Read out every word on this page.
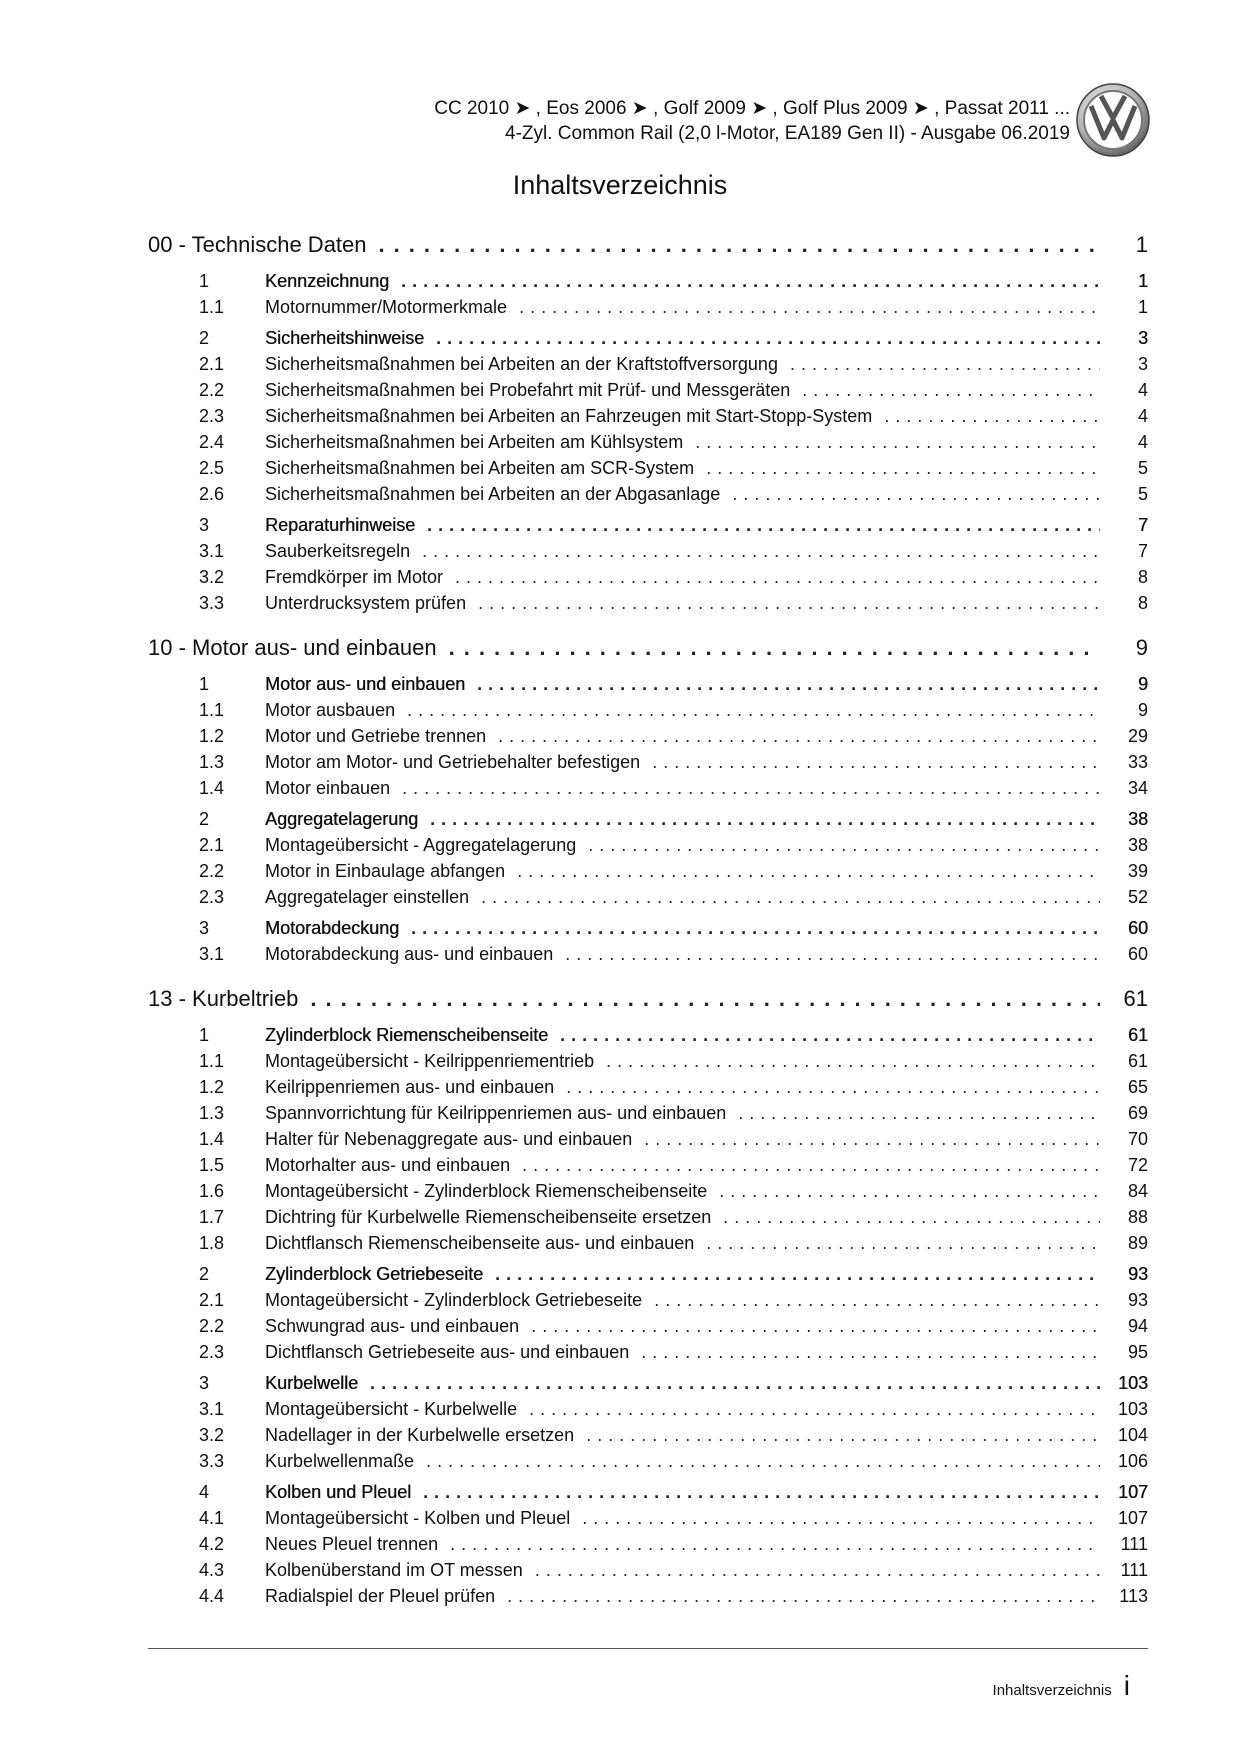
CC 2010 ➤ , Eos 2006 ➤ , Golf 2009 ➤ , Golf Plus 2009 ➤ , Passat 2011 ...
4-Zyl. Common Rail (2,0 l-Motor, EA189 Gen II) - Ausgabe 06.2019
Inhaltsverzeichnis
00 - Technische Daten .....	1
1	Kennzeichnung .....	1
1.1	Motornummer/Motormerkmale .....	1
2	Sicherheitshinweise .....	3
2.1	Sicherheitsmaßnahmen bei Arbeiten an der Kraftstoffversorgung .....	3
2.2	Sicherheitsmaßnahmen bei Probefahrt mit Prüf- und Messgeräten .....	4
2.3	Sicherheitsmaßnahmen bei Arbeiten an Fahrzeugen mit Start-Stopp-System .....	4
2.4	Sicherheitsmaßnahmen bei Arbeiten am Kühlsystem .....	4
2.5	Sicherheitsmaßnahmen bei Arbeiten am SCR-System .....	5
2.6	Sicherheitsmaßnahmen bei Arbeiten an der Abgasanlage .....	5
3	Reparaturhinweise .....	7
3.1	Sauberkeitsregeln .....	7
3.2	Fremdkörper im Motor .....	8
3.3	Unterdrucksystem prüfen .....	8
10 - Motor aus- und einbauen .....	9
1	Motor aus- und einbauen .....	9
1.1	Motor ausbauen .....	9
1.2	Motor und Getriebe trennen .....	29
1.3	Motor am Motor- und Getriebehalter befestigen .....	33
1.4	Motor einbauen .....	34
2	Aggregatelagerung .....	38
2.1	Montageübersicht - Aggregatelagerung .....	38
2.2	Motor in Einbaulage abfangen .....	39
2.3	Aggregatelager einstellen .....	52
3	Motorabdeckung .....	60
3.1	Motorabdeckung aus- und einbauen .....	60
13 - Kurbeltrieb .....	61
1	Zylinderblock Riemenscheibenseite .....	61
1.1	Montageübersicht - Keilrippenriementrieb .....	61
1.2	Keilrippenriemen aus- und einbauen .....	65
1.3	Spannvorrichtung für Keilrippenriemen aus- und einbauen .....	69
1.4	Halter für Nebenaggregate aus- und einbauen .....	70
1.5	Motorhalter aus- und einbauen .....	72
1.6	Montageübersicht - Zylinderblock Riemenscheibenseite .....	84
1.7	Dichtring für Kurbelwelle Riemenscheibenseite ersetzen .....	88
1.8	Dichtflansch Riemenscheibenseite aus- und einbauen .....	89
2	Zylinderblock Getriebeseite .....	93
2.1	Montageübersicht - Zylinderblock Getriebeseite .....	93
2.2	Schwungrad aus- und einbauen .....	94
2.3	Dichtflansch Getriebeseite aus- und einbauen .....	95
3	Kurbelwelle .....	103
3.1	Montageübersicht - Kurbelwelle .....	103
3.2	Nadellager in der Kurbelwelle ersetzen .....	104
3.3	Kurbelwellenmaße .....	106
4	Kolben und Pleuel .....	107
4.1	Montageübersicht - Kolben und Pleuel .....	107
4.2	Neues Pleuel trennen .....	111
4.3	Kolbenüberstand im OT messen .....	111
4.4	Radialspiel der Pleuel prüfen .....	113
Inhaltsverzeichnis i
